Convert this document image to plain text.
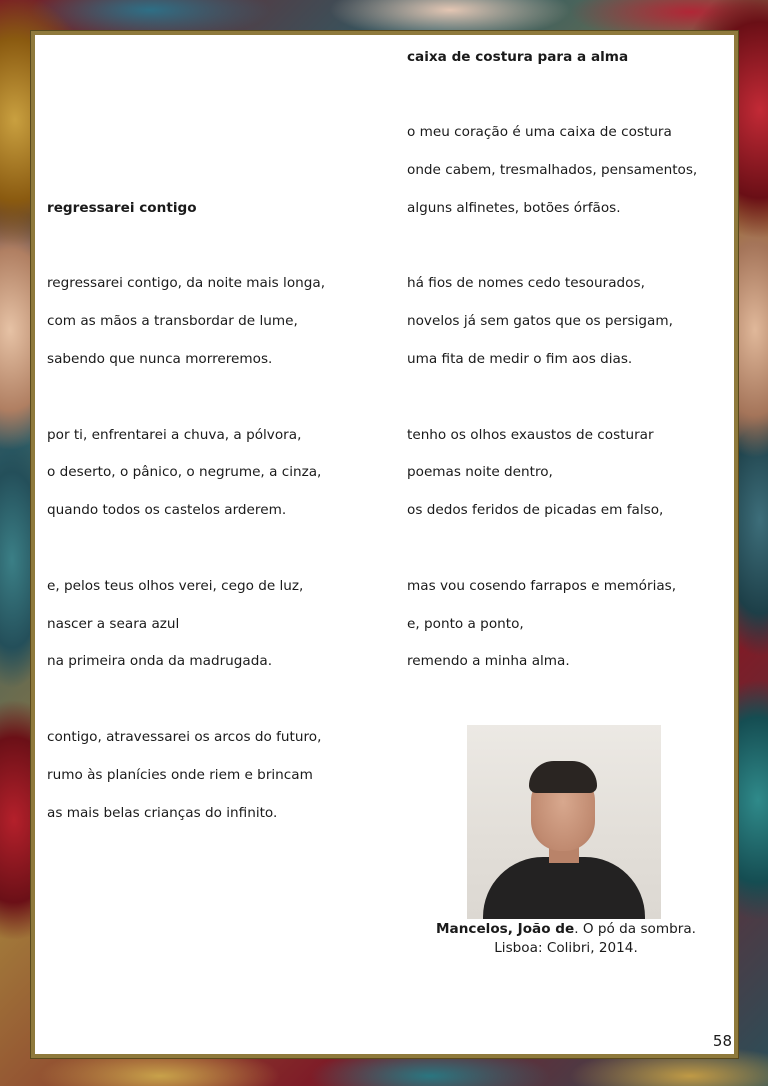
regressarei contigo
regressarei contigo, da noite mais longa,
com as mãos a transbordar de lume,
sabendo que nunca morreremos.
por ti, enfrentarei a chuva, a pólvora,
o deserto, o pânico, o negrume, a cinza,
quando todos os castelos arderem.
e, pelos teus olhos verei, cego de luz,
nascer a seara azul
na primeira onda da madrugada.
contigo, atravessarei os arcos do futuro,
rumo às planícies onde riem e brincam
as mais belas crianças do infinito.
caixa de costura para a alma
o meu coração é uma caixa de costura
onde cabem, tresmalhados, pensamentos,
alguns alfinetes, botões órfãos.
há fios de nomes cedo tesourados,
novelos já sem gatos que os persigam,
uma fita de medir o fim aos dias.
tenho os olhos exaustos de costurar
poemas noite dentro,
os dedos feridos de picadas em falso,
mas vou cosendo farrapos e memórias,
e, ponto a ponto,
remendo a minha alma.
Mancelos, João de. O pó da sombra.
Lisboa: Colibri, 2014.
58
